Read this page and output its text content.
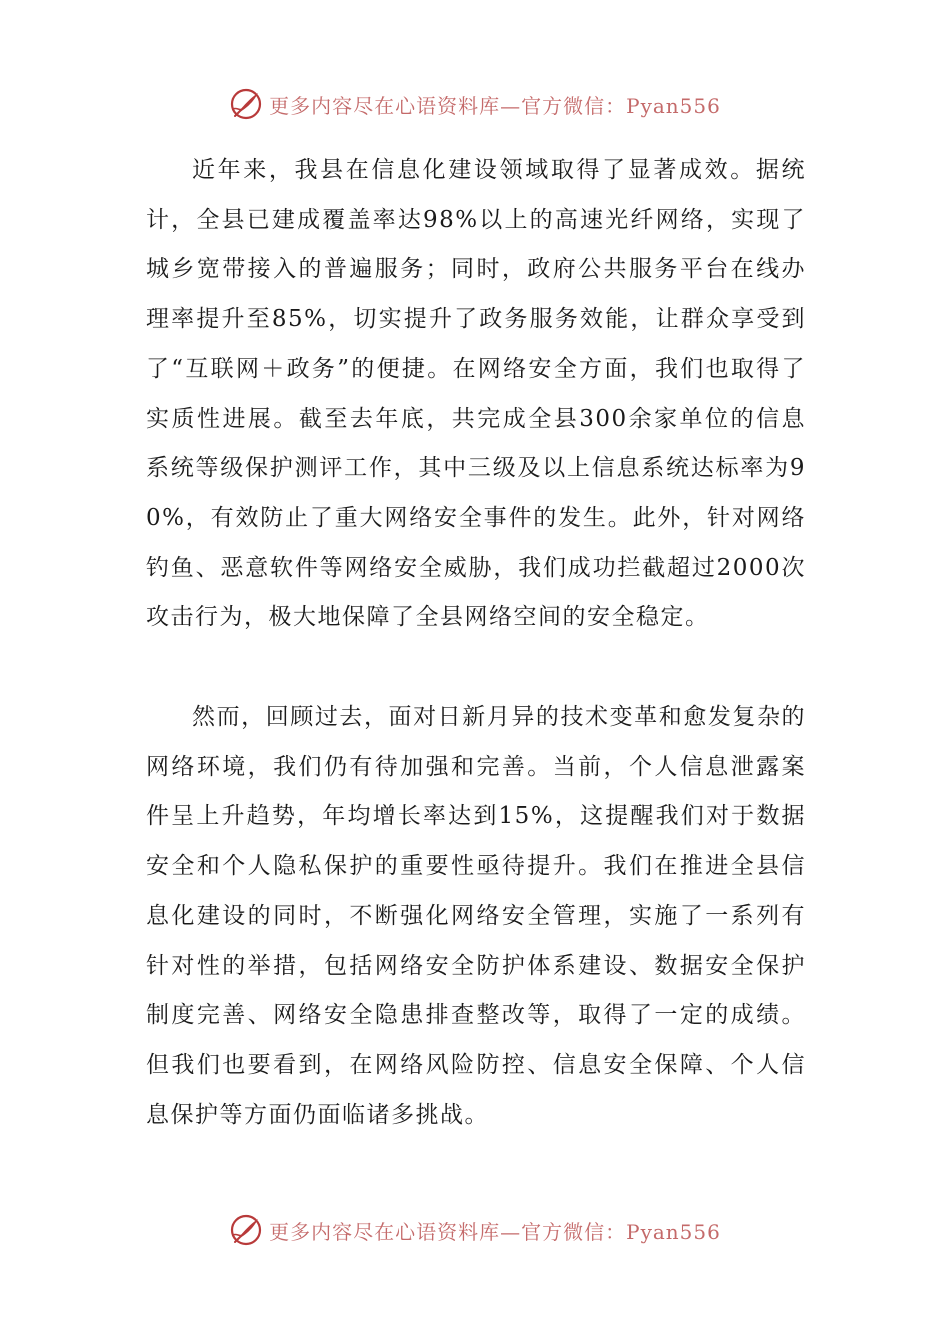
更多内容尽在心语资料库—官方微信：Pyan556

近年来，我县在信息化建设领域取得了显著成效。据统计，全县已建成覆盖率达98%以上的高速光纤网络，实现了城乡宽带接入的普遍服务；同时，政府公共服务平台在线办理率提升至85%，切实提升了政务服务效能，让群众享受到了“互联网＋政务”的便捷。在网络安全方面，我们也取得了实质性进展。截至去年底，共完成全县300余家单位的信息系统等级保护测评工作，其中三级及以上信息系统达标率为90%，有效防止了重大网络安全事件的发生。此外，针对网络钓鱼、恶意软件等网络安全威胁，我们成功拦截超过2000次攻击行为，极大地保障了全县网络空间的安全稳定。

然而，回顾过去，面对日新月异的技术变革和愈发复杂的网络环境，我们仍有待加强和完善。当前，个人信息泄露案件呈上升趋势，年均增长率达到15%，这提醒我们对于数据安全和个人隐私保护的重要性亟待提升。我们在推进全县信息化建设的同时，不断强化网络安全管理，实施了一系列有针对性的举措，包括网络安全防护体系建设、数据安全保护制度完善、网络安全隐患排查整改等，取得了一定的成绩。但我们也要看到，在网络风险防控、信息安全保障、个人信息保护等方面仍面临诸多挑战。

更多内容尽在心语资料库—官方微信：Pyan556
